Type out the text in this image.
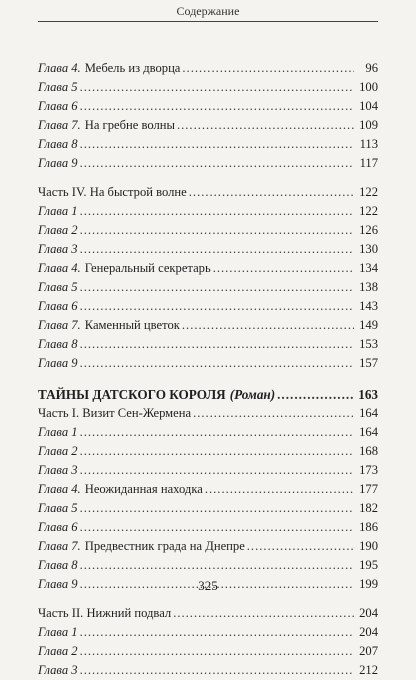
Содержание
Глава 4. Мебель из дворца .....	96
Глава 5 .....	100
Глава 6 .....	104
Глава 7. На гребне волны .....	109
Глава 8 .....	113
Глава 9 .....	117
Часть IV. На быстрой волне .....	122
Глава 1 .....	122
Глава 2 .....	126
Глава 3 .....	130
Глава 4. Генеральный секретарь .....	134
Глава 5 .....	138
Глава 6 .....	143
Глава 7. Каменный цветок .....	149
Глава 8 .....	153
Глава 9 .....	157
ТАЙНЫ ДАТСКОГО КОРОЛЯ (Роман) .....	163
Часть I. Визит Сен-Жермена .....	164
Глава 1 .....	164
Глава 2 .....	168
Глава 3 .....	173
Глава 4. Неожиданная находка .....	177
Глава 5 .....	182
Глава 6 .....	186
Глава 7. Предвестник града на Днепре .....	190
Глава 8 .....	195
Глава 9 .....	199
Часть II. Нижний подвал .....	204
Глава 1 .....	204
Глава 2 .....	207
Глава 3 .....	212
325
